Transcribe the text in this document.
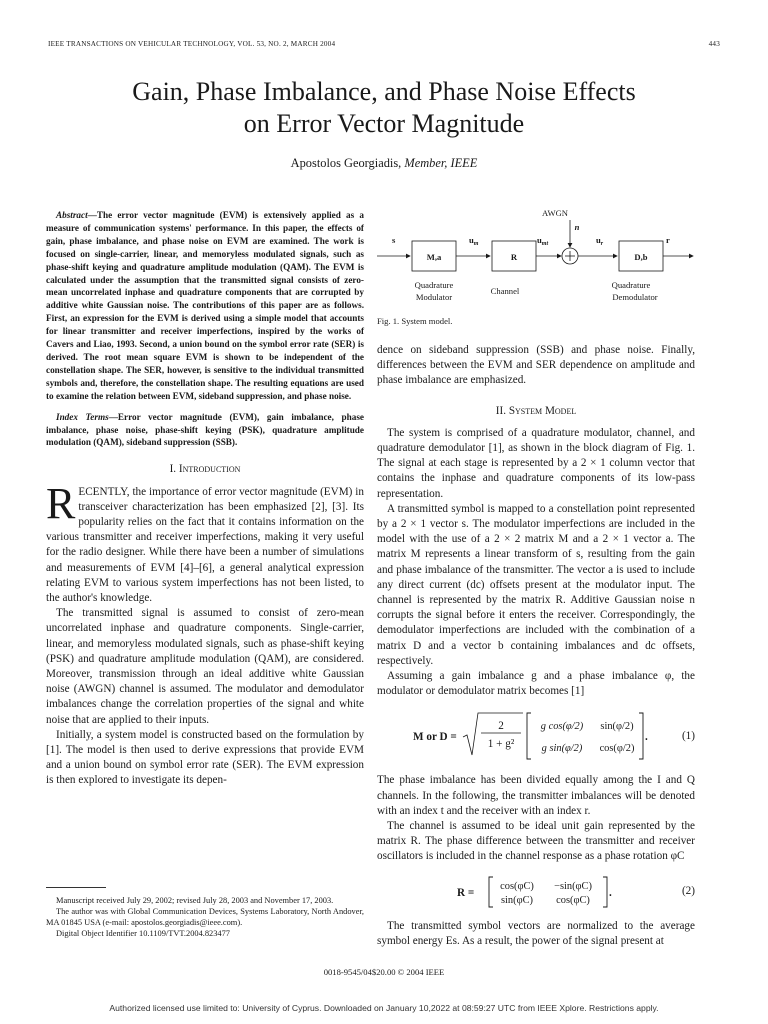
IEEE TRANSACTIONS ON VEHICULAR TECHNOLOGY, VOL. 53, NO. 2, MARCH 2004	443
Gain, Phase Imbalance, and Phase Noise Effects
on Error Vector Magnitude
Apostolos Georgiadis, Member, IEEE

Abstract—The error vector magnitude (EVM) is extensively applied as a measure of communication systems' performance. In this paper, the effects of gain, phase imbalance, and phase noise on EVM are examined. The work is focused on single-carrier, linear, and memoryless modulated signals, such as phase-shift keying and quadrature amplitude modulation (QAM). The EVM is calculated under the assumption that the transmitted signal consists of zero-mean uncorrelated inphase and quadrature components that are corrupted by additive white Gaussian noise. The contributions of this paper are as follows. First, an expression for the EVM is derived using a simple model that accounts for linear transmitter and receiver imperfections, inspired by the works of Cavers and Liao, 1993. Second, a union bound on the symbol error rate (SER) is derived. The root mean square EVM is shown to be independent of the constellation shape. The SER, however, is sensitive to the individual transmitted symbols and, therefore, the constellation shape. The resulting equations are used to examine the relation between EVM, sideband suppression, and phase noise.

Index Terms—Error vector magnitude (EVM), gain imbalance, phase imbalance, phase noise, phase-shift keying (PSK), quadrature amplitude modulation (QAM), sideband suppression (SSB).

I. Introduction

RECENTLY, the importance of error vector magnitude (EVM) in transceiver characterization has been emphasized [2], [3]. Its popularity relies on the fact that it contains information on the various transmitter and receiver imperfections, making it very useful for the radio designer. While there have been a number of simulations and measurements of EVM [4]–[6], a general analytical expression relating EVM to various system imperfections has not been listed, to the author's knowledge.

The transmitted signal is assumed to consist of zero-mean uncorrelated inphase and quadrature components. Single-carrier, linear, and memoryless modulated signals, such as phase-shift keying (PSK) and quadrature amplitude modulation (QAM), are considered. Moreover, transmission through an ideal additive white Gaussian noise (AWGN) channel is assumed. The modulator and demodulator imbalances change the correlation properties of the signal and white noise that are applied to their inputs.

Initially, a system model is constructed based on the formulation by [1]. The model is then used to derive expressions that provide EVM and a union bound on symbol error rate (SER). The EVM expression is then explored to investigate its depen-

Manuscript received July 29, 2002; revised July 28, 2003 and November 17, 2003.

The author was with Global Communication Devices, Systems Laboratory, North Andover, MA 01845 USA (e-mail: apostolos.georgiadis@ieee.com).

Digital Object Identifier 10.1109/TVT.2004.823477

AWGN
n
s
M,a
$u_m$
R
$u_{mt}$	$u_r$
D,b
r
Quadrature
Modulator
Channel
Quadrature
Demodulator
Fig. 1. System model.

dence on sideband suppression (SSB) and phase noise. Finally, differences between the EVM and SER dependence on amplitude and phase imbalance are emphasized.

II. System Model

The system is comprised of a quadrature modulator, channel, and quadrature demodulator [1], as shown in the block diagram of Fig. 1. The signal at each stage is represented by a 2 × 1 column vector that contains the inphase and quadrature components of its low-pass representation.

A transmitted symbol is mapped to a constellation point represented by a 2 × 1 vector s. The modulator imperfections are included in the model with the use of a 2 × 2 matrix M and a 2 × 1 vector a. The matrix M represents a linear transform of s, resulting from the gain and phase imbalance of the transmitter. The vector a is used to include any direct current (dc) offsets present at the modulator input. The channel is represented by the matrix R. Additive Gaussian noise n corrupts the signal before it enters the receiver. Correspondingly, the demodulator imperfections are included with the combination of a matrix D and a vector b containing imbalances and dc offsets, respectively.

Assuming a gain imbalance g and a phase imbalance φ, the modulator or demodulator matrix becomes [1]

M or D =
2
1 + g²
g cos(φ/2) sin(φ/2)
g sin(φ/2) cos(φ/2)
.	(1)

The phase imbalance has been divided equally among the I and Q channels. In the following, the transmitter imbalances will be denoted with an index t and the receiver with an index r.

The channel is assumed to be ideal unit gain represented by the matrix R. The phase difference between the transmitter and receiver oscillators is included in the channel response as a phase rotation φC

R =
cos(φC) −sin(φC)
sin(φC) cos(φC)
.	(2)

The transmitted symbol vectors are normalized to the average symbol energy Es. As a result, the power of the signal present at

0018-9545/04$20.00 © 2004 IEEE
Authorized licensed use limited to: University of Cyprus. Downloaded on January 10,2022 at 08:59:27 UTC from IEEE Xplore. Restrictions apply.
